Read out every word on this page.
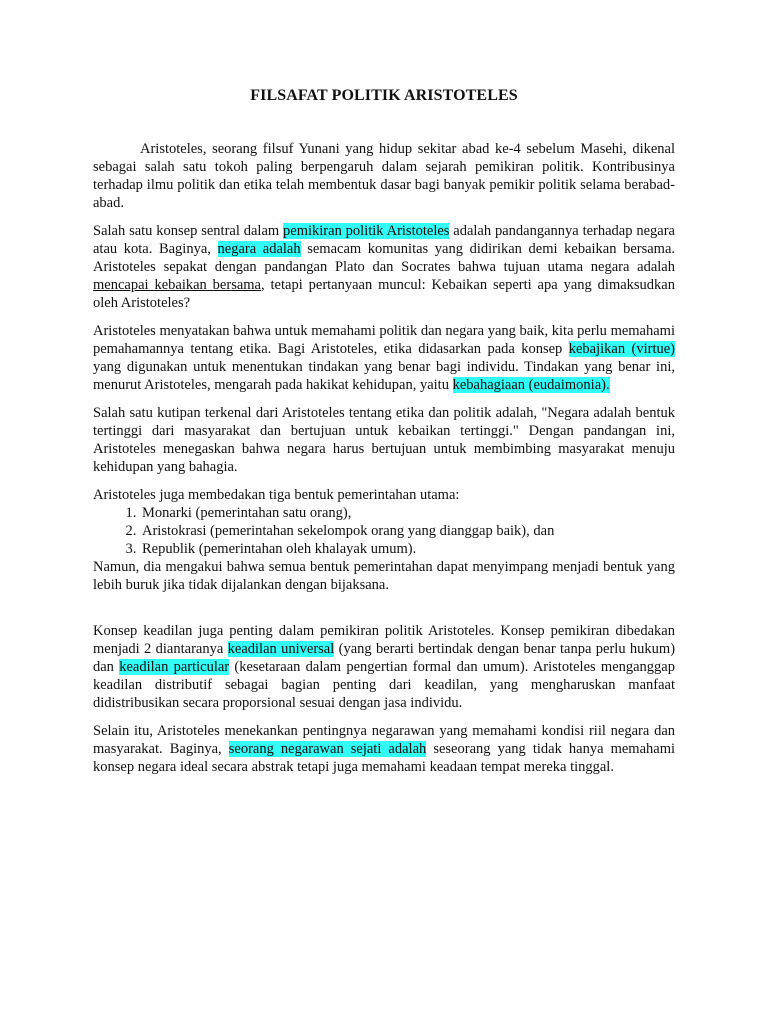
FILSAFAT POLITIK ARISTOTELES

Aristoteles, seorang filsuf Yunani yang hidup sekitar abad ke-4 sebelum Masehi, dikenal sebagai salah satu tokoh paling berpengaruh dalam sejarah pemikiran politik. Kontribusinya terhadap ilmu politik dan etika telah membentuk dasar bagi banyak pemikir politik selama berabad-abad.

Salah satu konsep sentral dalam pemikiran politik Aristoteles adalah pandangannya terhadap negara atau kota. Baginya, negara adalah semacam komunitas yang didirikan demi kebaikan bersama. Aristoteles sepakat dengan pandangan Plato dan Socrates bahwa tujuan utama negara adalah mencapai kebaikan bersama, tetapi pertanyaan muncul: Kebaikan seperti apa yang dimaksudkan oleh Aristoteles?

Aristoteles menyatakan bahwa untuk memahami politik dan negara yang baik, kita perlu memahami pemahamannya tentang etika. Bagi Aristoteles, etika didasarkan pada konsep kebajikan (virtue) yang digunakan untuk menentukan tindakan yang benar bagi individu. Tindakan yang benar ini, menurut Aristoteles, mengarah pada hakikat kehidupan, yaitu kebahagiaan (eudaimonia).

Salah satu kutipan terkenal dari Aristoteles tentang etika dan politik adalah, "Negara adalah bentuk tertinggi dari masyarakat dan bertujuan untuk kebaikan tertinggi." Dengan pandangan ini, Aristoteles menegaskan bahwa negara harus bertujuan untuk membimbing masyarakat menuju kehidupan yang bahagia.

Aristoteles juga membedakan tiga bentuk pemerintahan utama:
1. Monarki (pemerintahan satu orang),
2. Aristokrasi (pemerintahan sekelompok orang yang dianggap baik), dan
3. Republik (pemerintahan oleh khalayak umum).

Namun, dia mengakui bahwa semua bentuk pemerintahan dapat menyimpang menjadi bentuk yang lebih buruk jika tidak dijalankan dengan bijaksana.

Konsep keadilan juga penting dalam pemikiran politik Aristoteles. Konsep pemikiran dibedakan menjadi 2 diantaranya keadilan universal (yang berarti bertindak dengan benar tanpa perlu hukum) dan keadilan particular (kesetaraan dalam pengertian formal dan umum). Aristoteles menganggap keadilan distributif sebagai bagian penting dari keadilan, yang mengharuskan manfaat didistribusikan secara proporsional sesuai dengan jasa individu.

Selain itu, Aristoteles menekankan pentingnya negarawan yang memahami kondisi riil negara dan masyarakat. Baginya, seorang negarawan sejati adalah seseorang yang tidak hanya memahami konsep negara ideal secara abstrak tetapi juga memahami keadaan tempat mereka tinggal.
